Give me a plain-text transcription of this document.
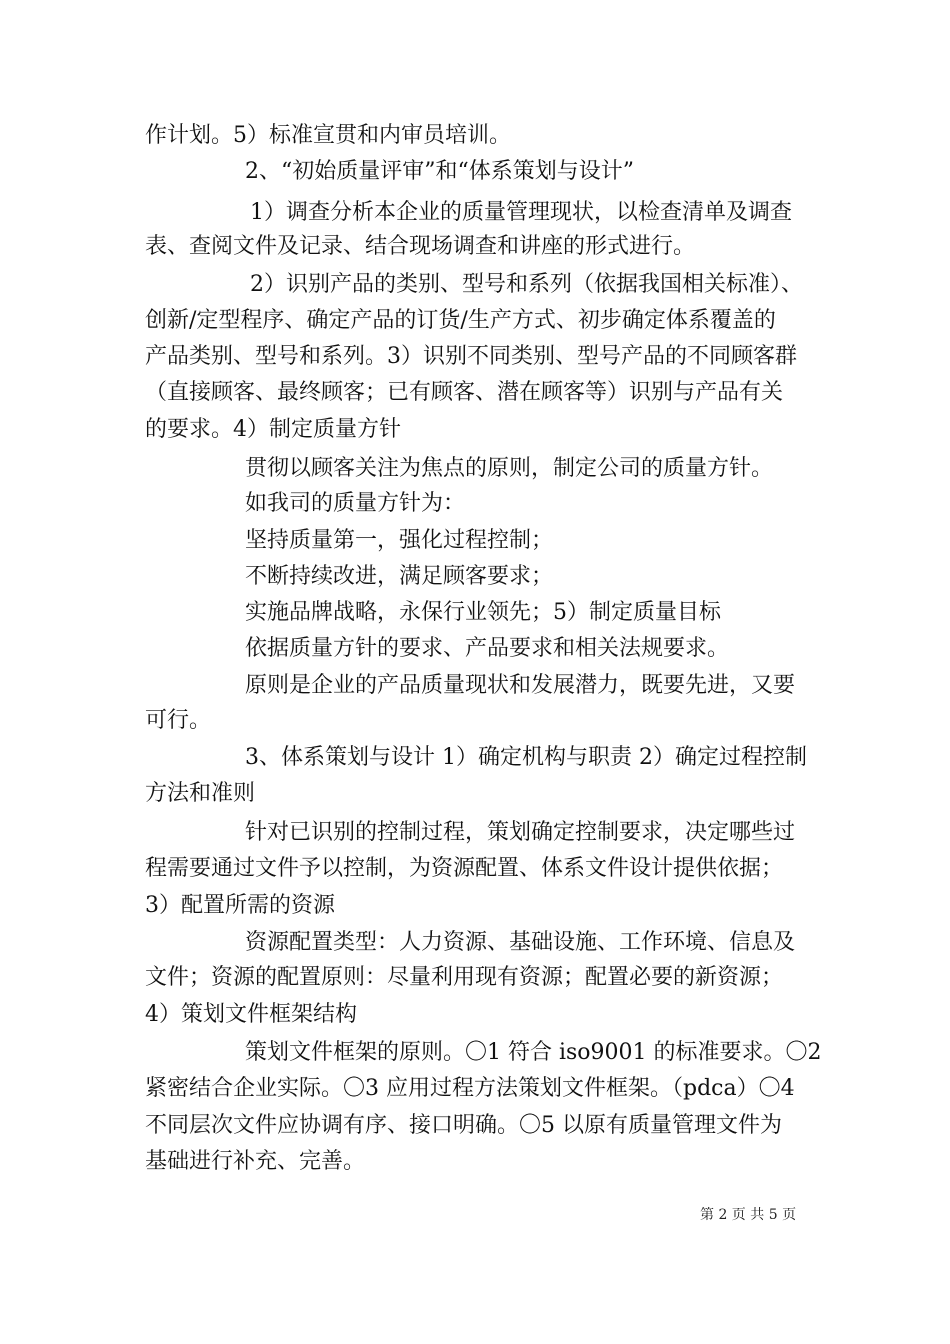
作计划。5）标准宣贯和内审员培训。
2、“初始质量评审”和“体系策划与设计”
1）调查分析本企业的质量管理现状，以检查清单及调查
表、查阅文件及记录、结合现场调查和讲座的形式进行。
2）识别产品的类别、型号和系列（依据我国相关标准）、
创新/定型程序、确定产品的订货/生产方式、初步确定体系覆盖的
产品类别、型号和系列。3）识别不同类别、型号产品的不同顾客群
（直接顾客、最终顾客；已有顾客、潜在顾客等）识别与产品有关
的要求。4）制定质量方针
贯彻以顾客关注为焦点的原则，制定公司的质量方针。
如我司的质量方针为：
坚持质量第一，强化过程控制；
不断持续改进，满足顾客要求；
实施品牌战略，永保行业领先；5）制定质量目标
依据质量方针的要求、产品要求和相关法规要求。
原则是企业的产品质量现状和发展潜力，既要先进，又要
可行。
3、体系策划与设计 1）确定机构与职责 2）确定过程控制
方法和准则
针对已识别的控制过程，策划确定控制要求，决定哪些过
程需要通过文件予以控制，为资源配置、体系文件设计提供依据；
3）配置所需的资源
资源配置类型：人力资源、基础设施、工作环境、信息及
文件；资源的配置原则：尽量利用现有资源；配置必要的新资源；
4）策划文件框架结构
策划文件框架的原则。〇1 符合 iso9001 的标准要求。〇2
紧密结合企业实际。〇3 应用过程方法策划文件框架。（pdca）〇4
不同层次文件应协调有序、接口明确。〇5 以原有质量管理文件为
基础进行补充、完善。
第 2 页 共 5 页
